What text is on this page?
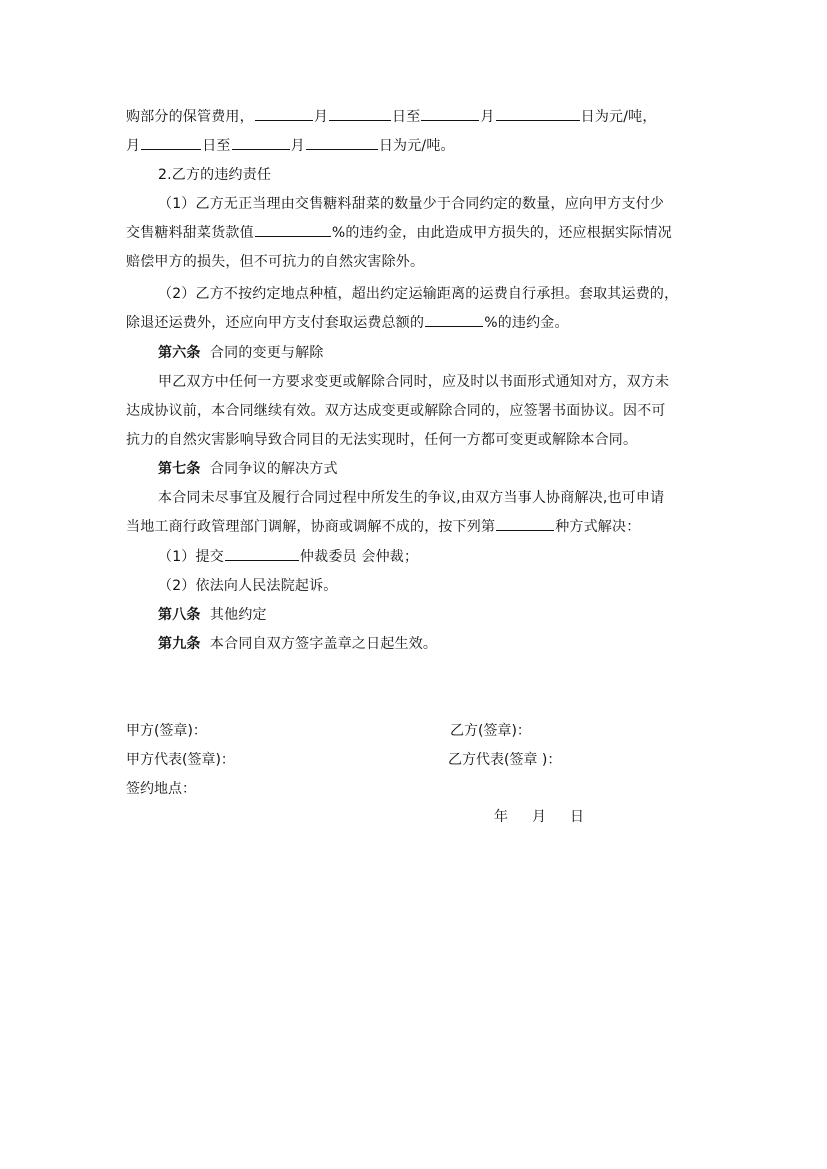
购部分的保管费用，	月	日至	月	日为元/吨，
月	日至	月	日为元/吨。
2.乙方的违约责任
（1）乙方无正当理由交售糖料甜菜的数量少于合同约定的数量，应向甲方支付少
交售糖料甜菜货款值	%的违约金，由此造成甲方损失的，还应根据实际情况
赔偿甲方的损失，但不可抗力的自然灾害除外。
（2）乙方不按约定地点种植，超出约定运输距离的运费自行承担。套取其运费的，
除退还运费外，还应向甲方支付套取运费总额的	%的违约金。
第六条 合同的变更与解除
甲乙双方中任何一方要求变更或解除合同时，应及时以书面形式通知对方，双方未
达成协议前，本合同继续有效。双方达成变更或解除合同的，应签署书面协议。因不可
抗力的自然灾害影响导致合同目的无法实现时，任何一方都可变更或解除本合同。
第七条 合同争议的解决方式
本合同未尽事宜及履行合同过程中所发生的争议,由双方当事人协商解决,也可申请
当地工商行政管理部门调解，协商或调解不成的，按下列第	种方式解决：
（1）提交	仲裁委员 会仲裁；
（2）依法向人民法院起诉。
第八条 其他约定
第九条 本合同自双方签字盖章之日起生效。
甲方(签章)：	乙方(签章)：
甲方代表(签章)：	乙方代表(签章 )：
签约地点：
年 月 日
